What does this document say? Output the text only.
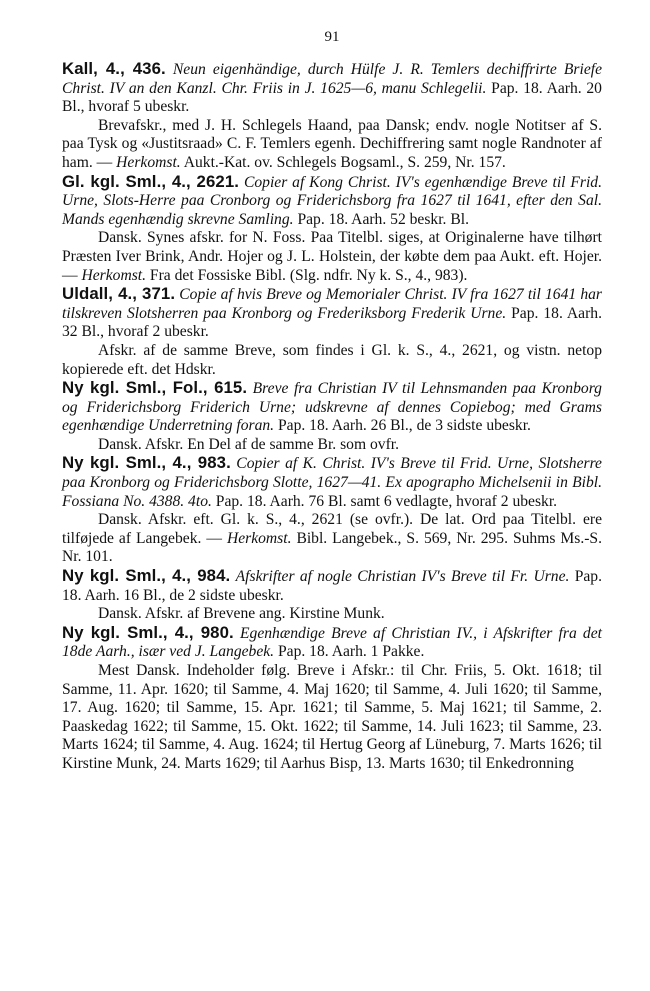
91

Kall, 4., 436. Neun eigenhändige, durch Hülfe J. R. Temlers dechiffrirte Briefe Christ. IV an den Kanzl. Chr. Friis in J. 1625—6, manu Schlegelii. Pap. 18. Aarh. 20 Bl., hvoraf 5 ubeskr.

Brevafskr., med J. H. Schlegels Haand, paa Dansk; endv. nogle Notitser af S. paa Tysk og «Justitsraad» C. F. Temlers egenh. Dechiffrering samt nogle Randnoter af ham. — Herkomst. Aukt.-Kat. ov. Schlegels Bogsaml., S. 259, Nr. 157.

Gl. kgl. Sml., 4., 2621. Copier af Kong Christ. IV's egenhændige Breve til Frid. Urne, Slots-Herre paa Cronborg og Friderichsborg fra 1627 til 1641, efter den Sal. Mands egenhændig skrevne Samling. Pap. 18. Aarh. 52 beskr. Bl.

Dansk. Synes afskr. for N. Foss. Paa Titelbl. siges, at Originalerne have tilhørt Præsten Iver Brink, Andr. Hojer og J. L. Holstein, der købte dem paa Aukt. eft. Hojer. — Herkomst. Fra det Fossiske Bibl. (Slg. ndfr. Ny k. S., 4., 983).

Uldall, 4., 371. Copie af hvis Breve og Memorialer Christ. IV fra 1627 til 1641 har tilskreven Slotsherren paa Kronborg og Frederiksborg Frederik Urne. Pap. 18. Aarh. 32 Bl., hvoraf 2 ubeskr.

Afskr. af de samme Breve, som findes i Gl. k. S., 4., 2621, og vistn. netop kopierede eft. det Hdskr.

Ny kgl. Sml., Fol., 615. Breve fra Christian IV til Lehnsmanden paa Kronborg og Friderichsborg Friderich Urne; udskrevne af dennes Copiebog; med Grams egenhændige Underretning foran. Pap. 18. Aarh. 26 Bl., de 3 sidste ubeskr.

Dansk. Afskr. En Del af de samme Br. som ovfr.

Ny kgl. Sml., 4., 983. Copier af K. Christ. IV's Breve til Frid. Urne, Slotsherre paa Kronborg og Friderichsborg Slotte, 1627—41. Ex apographo Michelsenii in Bibl. Fossiana No. 4388. 4to. Pap. 18. Aarh. 76 Bl. samt 6 vedlagte, hvoraf 2 ubeskr.

Dansk. Afskr. eft. Gl. k. S., 4., 2621 (se ovfr.). De lat. Ord paa Titelbl. ere tilføjede af Langebek. — Herkomst. Bibl. Langebek., S. 569, Nr. 295. Suhms Ms.-S. Nr. 101.

Ny kgl. Sml., 4., 984. Afskrifter af nogle Christian IV's Breve til Fr. Urne. Pap. 18. Aarh. 16 Bl., de 2 sidste ubeskr.

Dansk. Afskr. af Brevene ang. Kirstine Munk.

Ny kgl. Sml., 4., 980. Egenhændige Breve af Christian IV., i Afskrifter fra det 18de Aarh., især ved J. Langebek. Pap. 18. Aarh. 1 Pakke.

Mest Dansk. Indeholder følg. Breve i Afskr.: til Chr. Friis, 5. Okt. 1618; til Samme, 11. Apr. 1620; til Samme, 4. Maj 1620; til Samme, 4. Juli 1620; til Samme, 17. Aug. 1620; til Samme, 15. Apr. 1621; til Samme, 5. Maj 1621; til Samme, 2. Paaskedag 1622; til Samme, 15. Okt. 1622; til Samme, 14. Juli 1623; til Samme, 23. Marts 1624; til Samme, 4. Aug. 1624; til Hertug Georg af Lüneburg, 7. Marts 1626; til Kirstine Munk, 24. Marts 1629; til Aarhus Bisp, 13. Marts 1630; til Enkedronning
